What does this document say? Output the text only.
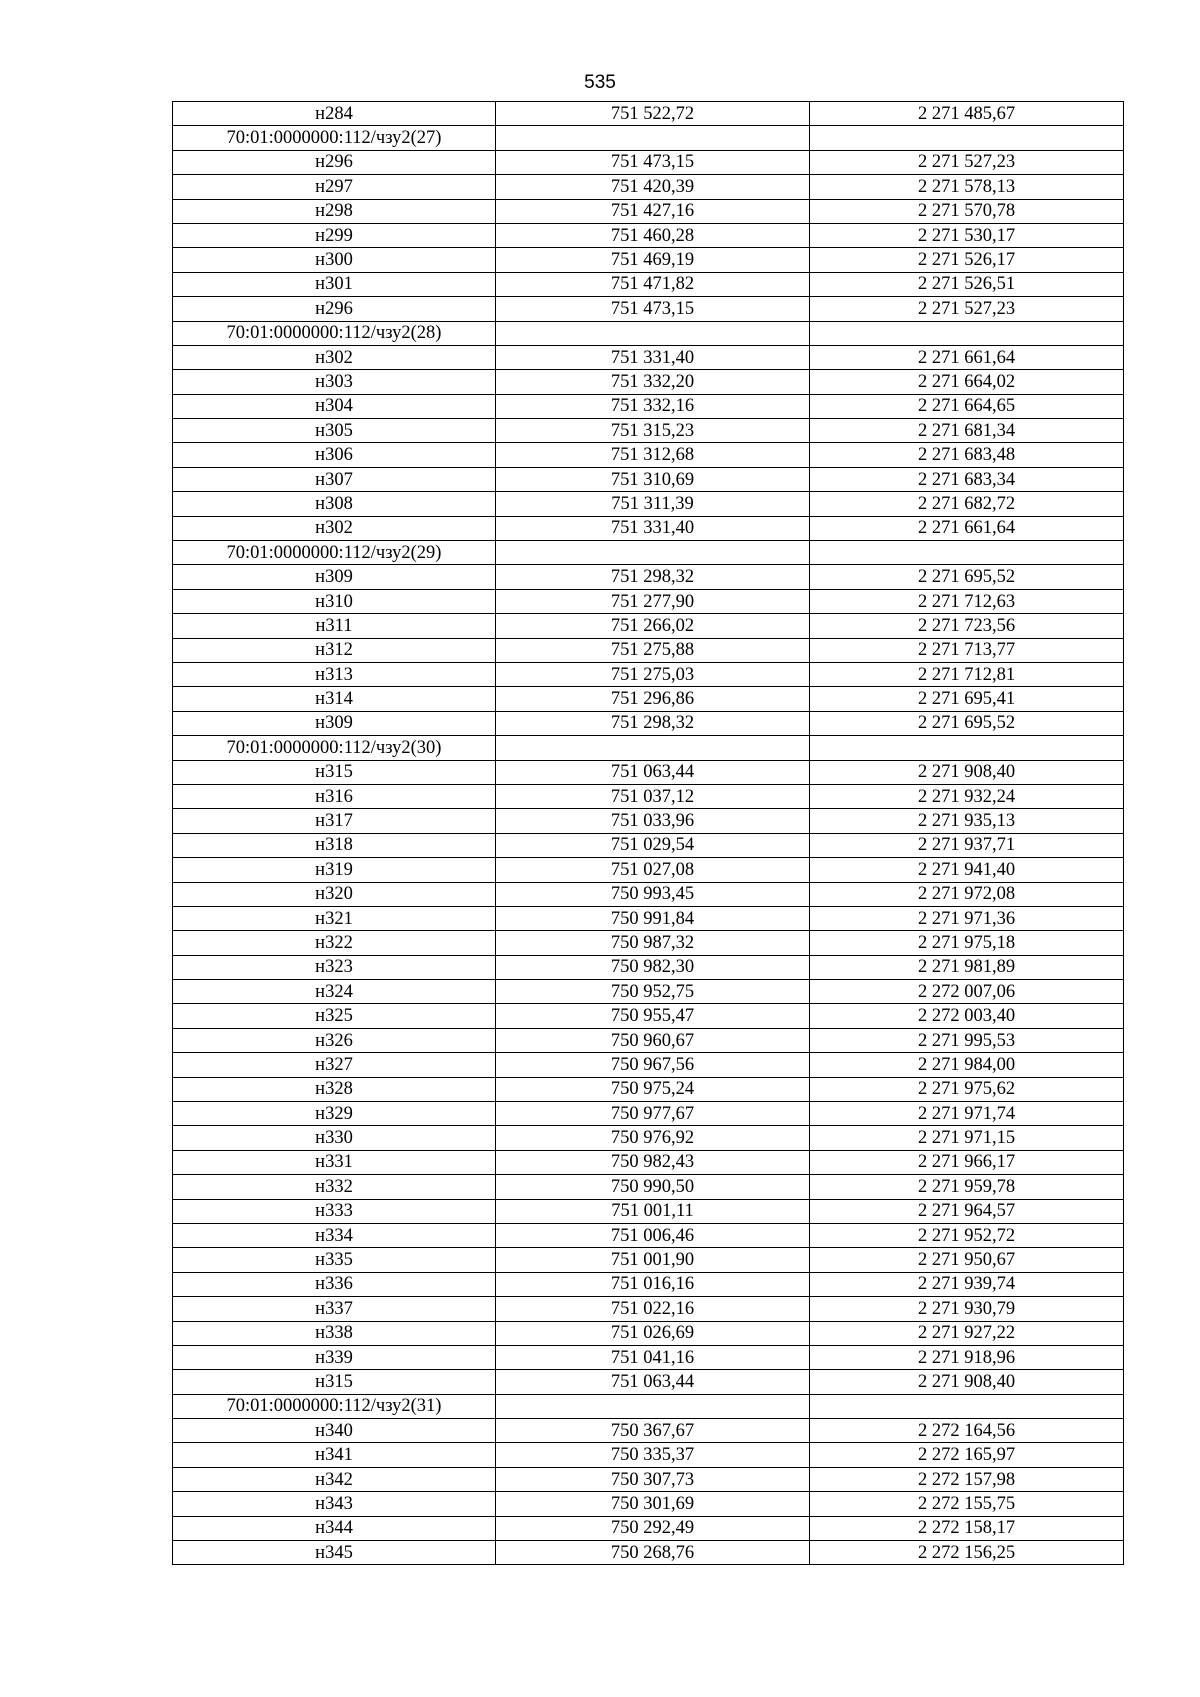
535
н284	751 522,72	2 271 485,67
70:01:0000000:112/чзу2(27)		
н296	751 473,15	2 271 527,23
н297	751 420,39	2 271 578,13
н298	751 427,16	2 271 570,78
н299	751 460,28	2 271 530,17
н300	751 469,19	2 271 526,17
н301	751 471,82	2 271 526,51
н296	751 473,15	2 271 527,23
70:01:0000000:112/чзу2(28)		
н302	751 331,40	2 271 661,64
н303	751 332,20	2 271 664,02
н304	751 332,16	2 271 664,65
н305	751 315,23	2 271 681,34
н306	751 312,68	2 271 683,48
н307	751 310,69	2 271 683,34
н308	751 311,39	2 271 682,72
н302	751 331,40	2 271 661,64
70:01:0000000:112/чзу2(29)		
н309	751 298,32	2 271 695,52
н310	751 277,90	2 271 712,63
н311	751 266,02	2 271 723,56
н312	751 275,88	2 271 713,77
н313	751 275,03	2 271 712,81
н314	751 296,86	2 271 695,41
н309	751 298,32	2 271 695,52
70:01:0000000:112/чзу2(30)		
н315	751 063,44	2 271 908,40
н316	751 037,12	2 271 932,24
н317	751 033,96	2 271 935,13
н318	751 029,54	2 271 937,71
н319	751 027,08	2 271 941,40
н320	750 993,45	2 271 972,08
н321	750 991,84	2 271 971,36
н322	750 987,32	2 271 975,18
н323	750 982,30	2 271 981,89
н324	750 952,75	2 272 007,06
н325	750 955,47	2 272 003,40
н326	750 960,67	2 271 995,53
н327	750 967,56	2 271 984,00
н328	750 975,24	2 271 975,62
н329	750 977,67	2 271 971,74
н330	750 976,92	2 271 971,15
н331	750 982,43	2 271 966,17
н332	750 990,50	2 271 959,78
н333	751 001,11	2 271 964,57
н334	751 006,46	2 271 952,72
н335	751 001,90	2 271 950,67
н336	751 016,16	2 271 939,74
н337	751 022,16	2 271 930,79
н338	751 026,69	2 271 927,22
н339	751 041,16	2 271 918,96
н315	751 063,44	2 271 908,40
70:01:0000000:112/чзу2(31)		
н340	750 367,67	2 272 164,56
н341	750 335,37	2 272 165,97
н342	750 307,73	2 272 157,98
н343	750 301,69	2 272 155,75
н344	750 292,49	2 272 158,17
н345	750 268,76	2 272 156,25
